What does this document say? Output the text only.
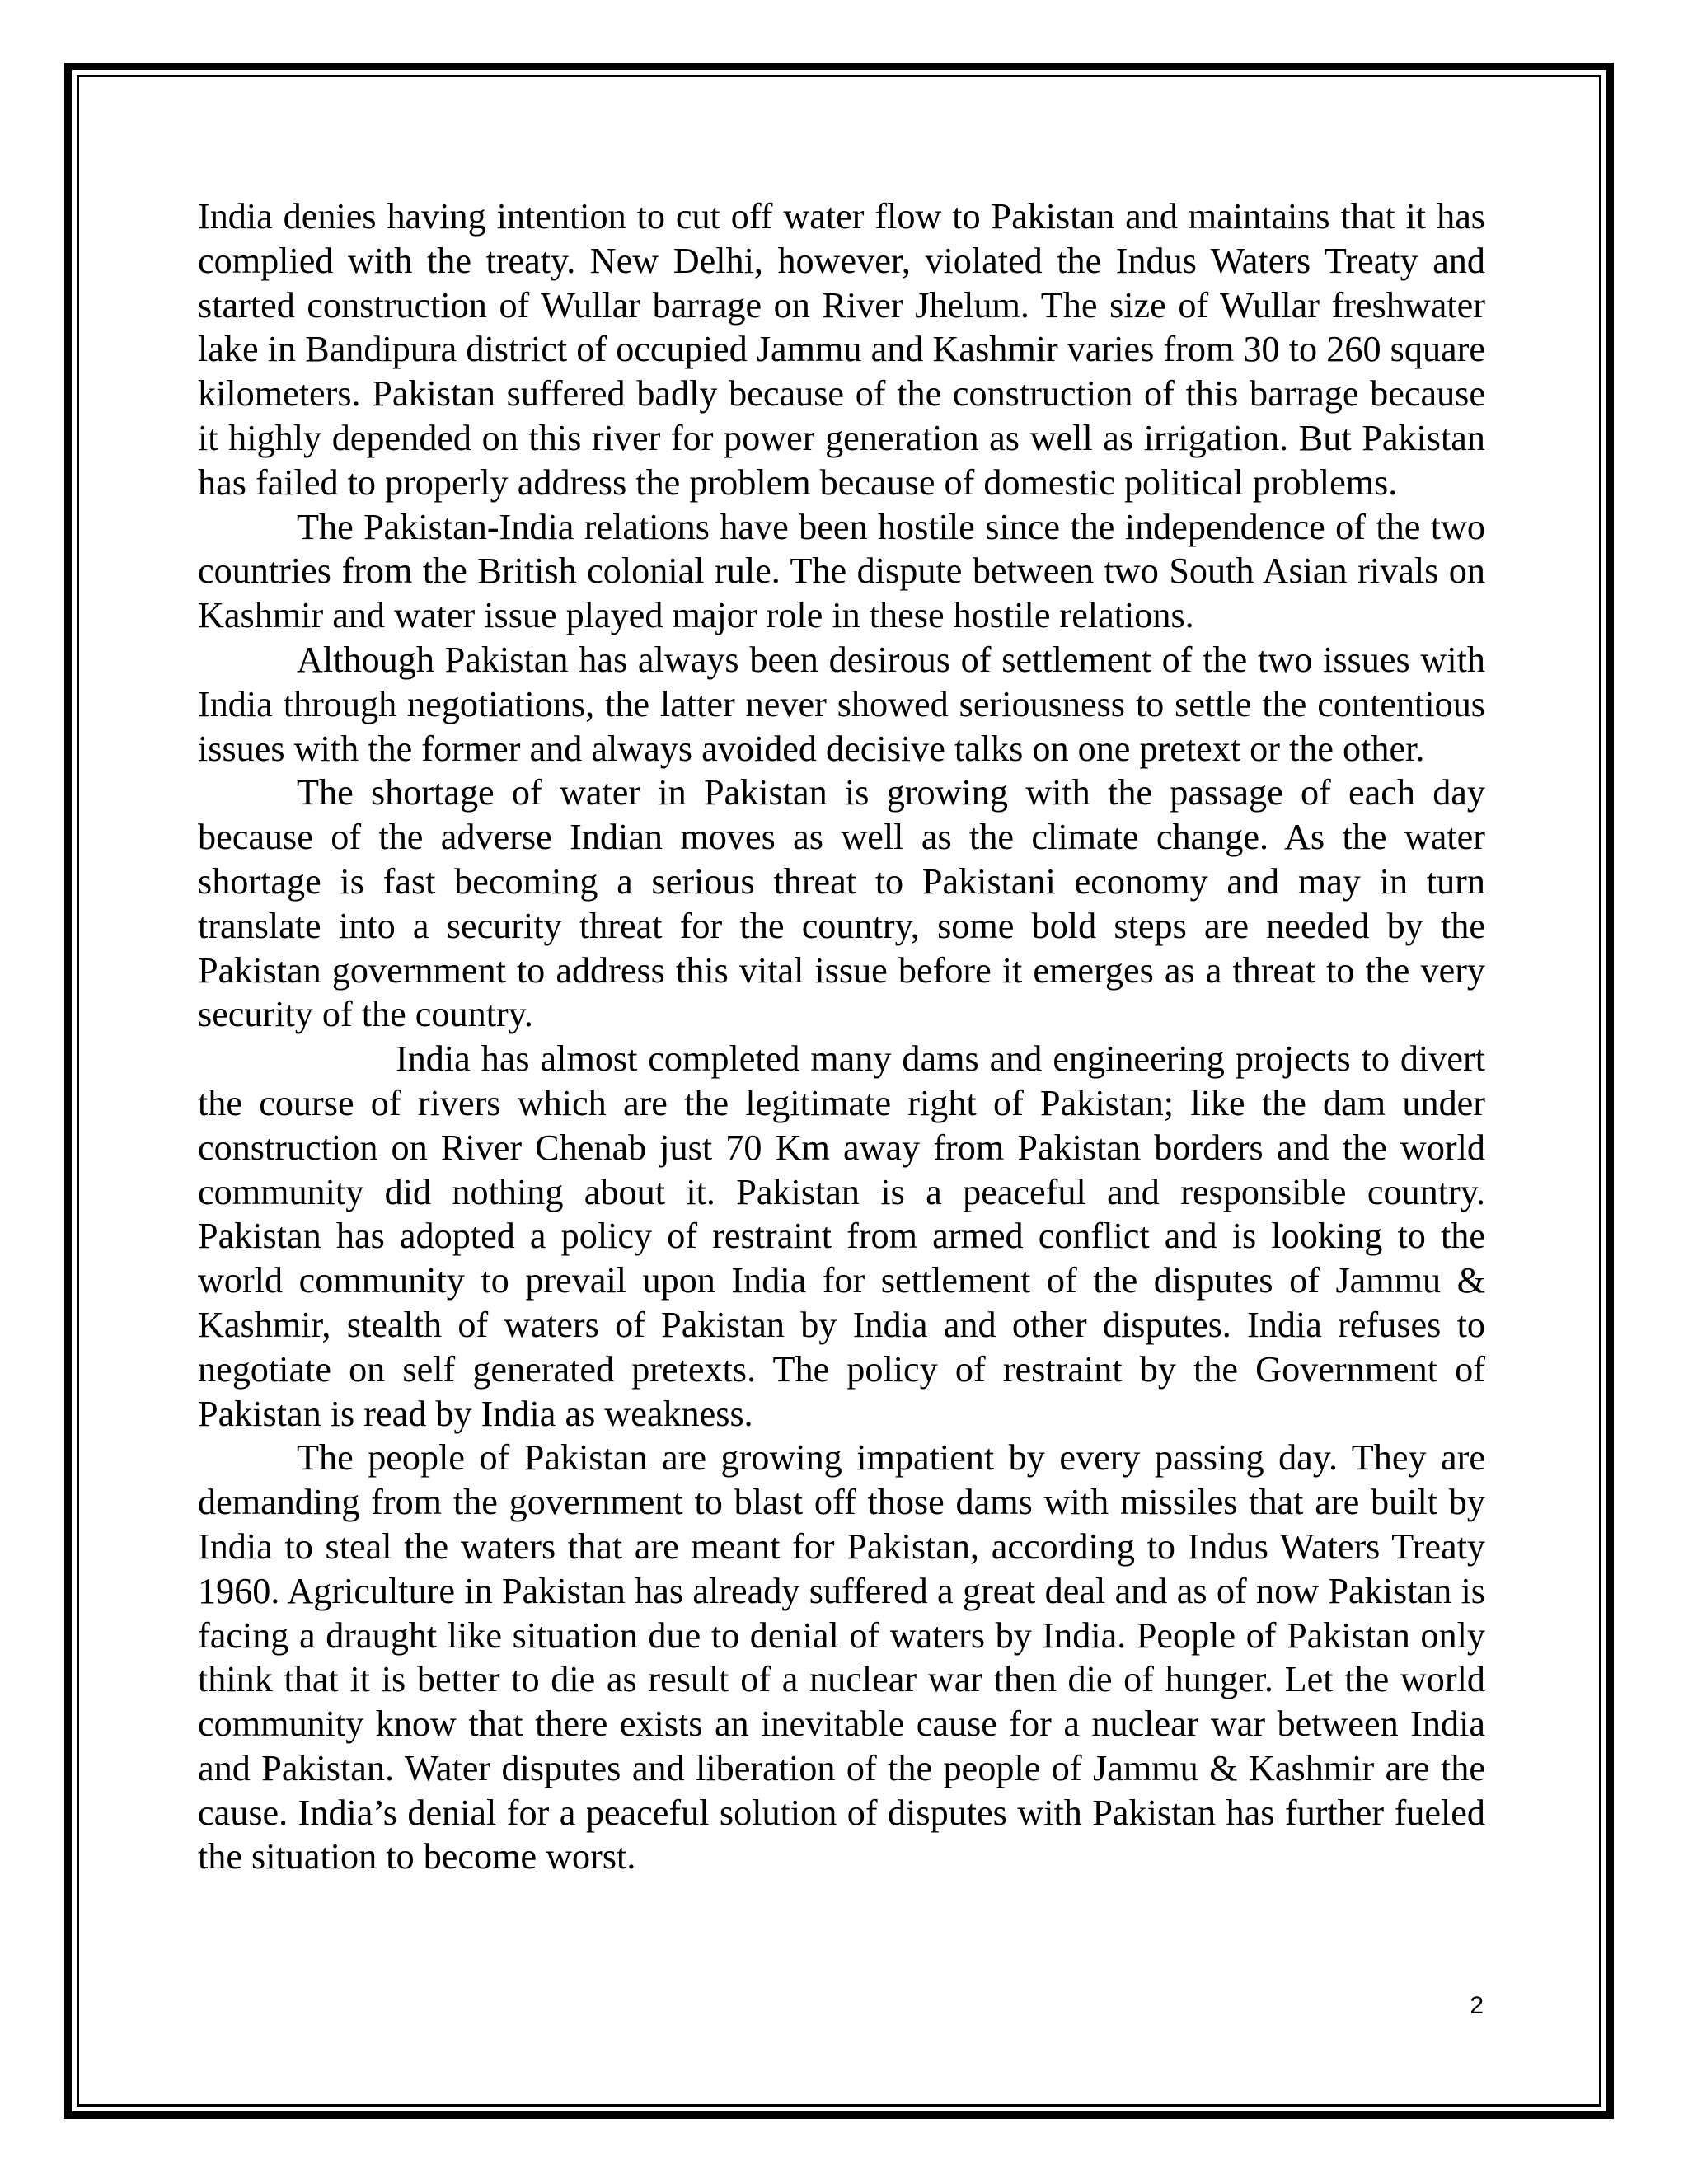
India denies having intention to cut off water flow to Pakistan and maintains that it has complied with the treaty. New Delhi, however, violated the Indus Waters Treaty and started construction of Wullar barrage on River Jhelum. The size of Wullar freshwater lake in Bandipura district of occupied Jammu and Kashmir varies from 30 to 260 square kilometers. Pakistan suffered badly because of the construction of this barrage because it highly depended on this river for power generation as well as irrigation. But Pakistan has failed to properly address the problem because of domestic political problems.

The Pakistan-India relations have been hostile since the independence of the two countries from the British colonial rule. The dispute between two South Asian rivals on Kashmir and water issue played major role in these hostile relations.

Although Pakistan has always been desirous of settlement of the two issues with India through negotiations, the latter never showed seriousness to settle the contentious issues with the former and always avoided decisive talks on one pretext or the other.

The shortage of water in Pakistan is growing with the passage of each day because of the adverse Indian moves as well as the climate change. As the water shortage is fast becoming a serious threat to Pakistani economy and may in turn translate into a security threat for the country, some bold steps are needed by the Pakistan government to address this vital issue before it emerges as a threat to the very security of the country.

India has almost completed many dams and engineering projects to divert the course of rivers which are the legitimate right of Pakistan; like the dam under construction on River Chenab just 70 Km away from Pakistan borders and the world community did nothing about it. Pakistan is a peaceful and responsible country. Pakistan has adopted a policy of restraint from armed conflict and is looking to the world community to prevail upon India for settlement of the disputes of Jammu & Kashmir, stealth of waters of Pakistan by India and other disputes. India refuses to negotiate on self generated pretexts. The policy of restraint by the Government of Pakistan is read by India as weakness.

The people of Pakistan are growing impatient by every passing day. They are demanding from the government to blast off those dams with missiles that are built by India to steal the waters that are meant for Pakistan, according to Indus Waters Treaty 1960. Agriculture in Pakistan has already suffered a great deal and as of now Pakistan is facing a draught like situation due to denial of waters by India. People of Pakistan only think that it is better to die as result of a nuclear war then die of hunger. Let the world community know that there exists an inevitable cause for a nuclear war between India and Pakistan. Water disputes and liberation of the people of Jammu & Kashmir are the cause. India’s denial for a peaceful solution of disputes with Pakistan has further fueled the situation to become worst.

2
